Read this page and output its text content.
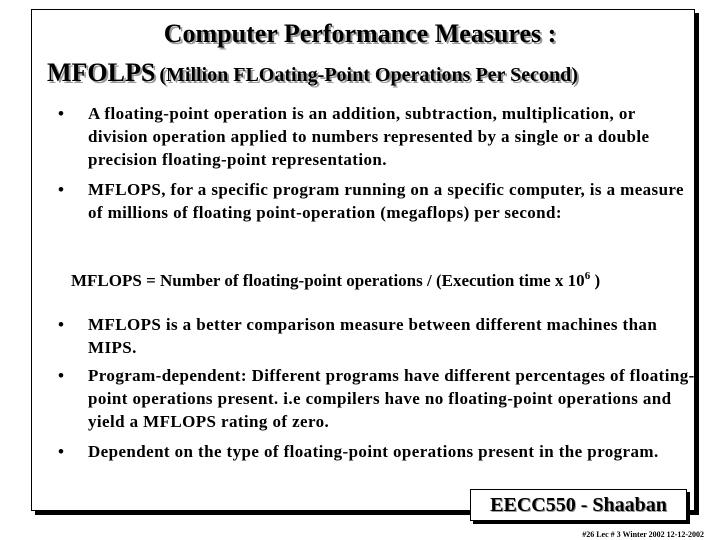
Computer Performance Measures :
MFOLPS (Million FLOating-Point Operations Per Second)
• A floating-point operation is an addition, subtraction, multiplication, or division operation applied to numbers represented by a single or a double precision floating-point representation.
• MFLOPS, for a specific program running on a specific computer, is a measure of millions of floating point-operation (megaflops) per second:
MFLOPS = Number of floating-point operations / (Execution time x $10^6$ )
• MFLOPS is a better comparison measure between different machines than MIPS.
• Program-dependent: Different programs have different percentages of floating-point operations present. i.e compilers have no floating-point operations and yield a MFLOPS rating of zero.
• Dependent on the type of floating-point operations present in the program.
EECC550 - Shaaban
#26 Lec # 3 Winter 2002 12-12-2002
